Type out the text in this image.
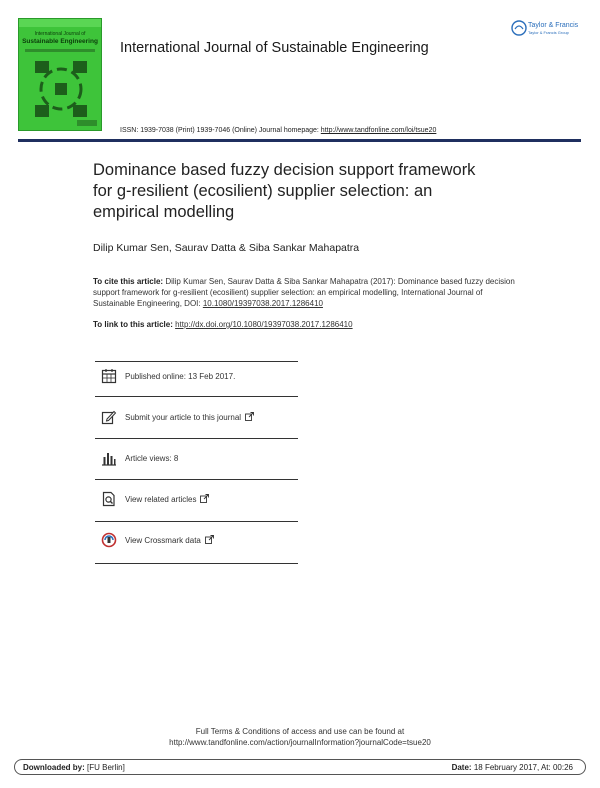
International Journal of
Sustainable Engineering International Journal of Sustainable Engineering
Taylor & Francis
Taylor & Francis Group
ISSN: 1939-7038 (Print) 1939-7046 (Online) Journal homepage: http://www.tandfonline.com/loi/tsue20
Dominance based fuzzy decision support framework for g-resilient (ecosilient) supplier selection: an empirical modelling
Dilip Kumar Sen, Saurav Datta & Siba Sankar Mahapatra
To cite this article: Dilip Kumar Sen, Saurav Datta & Siba Sankar Mahapatra (2017): Dominance based fuzzy decision support framework for g-resilient (ecosilient) supplier selection: an empirical modelling, International Journal of Sustainable Engineering, DOI: 10.1080/19397038.2017.1286410
To link to this article: http://dx.doi.org/10.1080/19397038.2017.1286410
Published online: 13 Feb 2017.
Submit your article to this journal
Article views: 8
View related articles
View Crossmark data
Full Terms & Conditions of access and use can be found at
http://www.tandfonline.com/action/journalInformation?journalCode=tsue20
Downloaded by: [FU Berlin]	Date: 18 February 2017, At: 00:26
